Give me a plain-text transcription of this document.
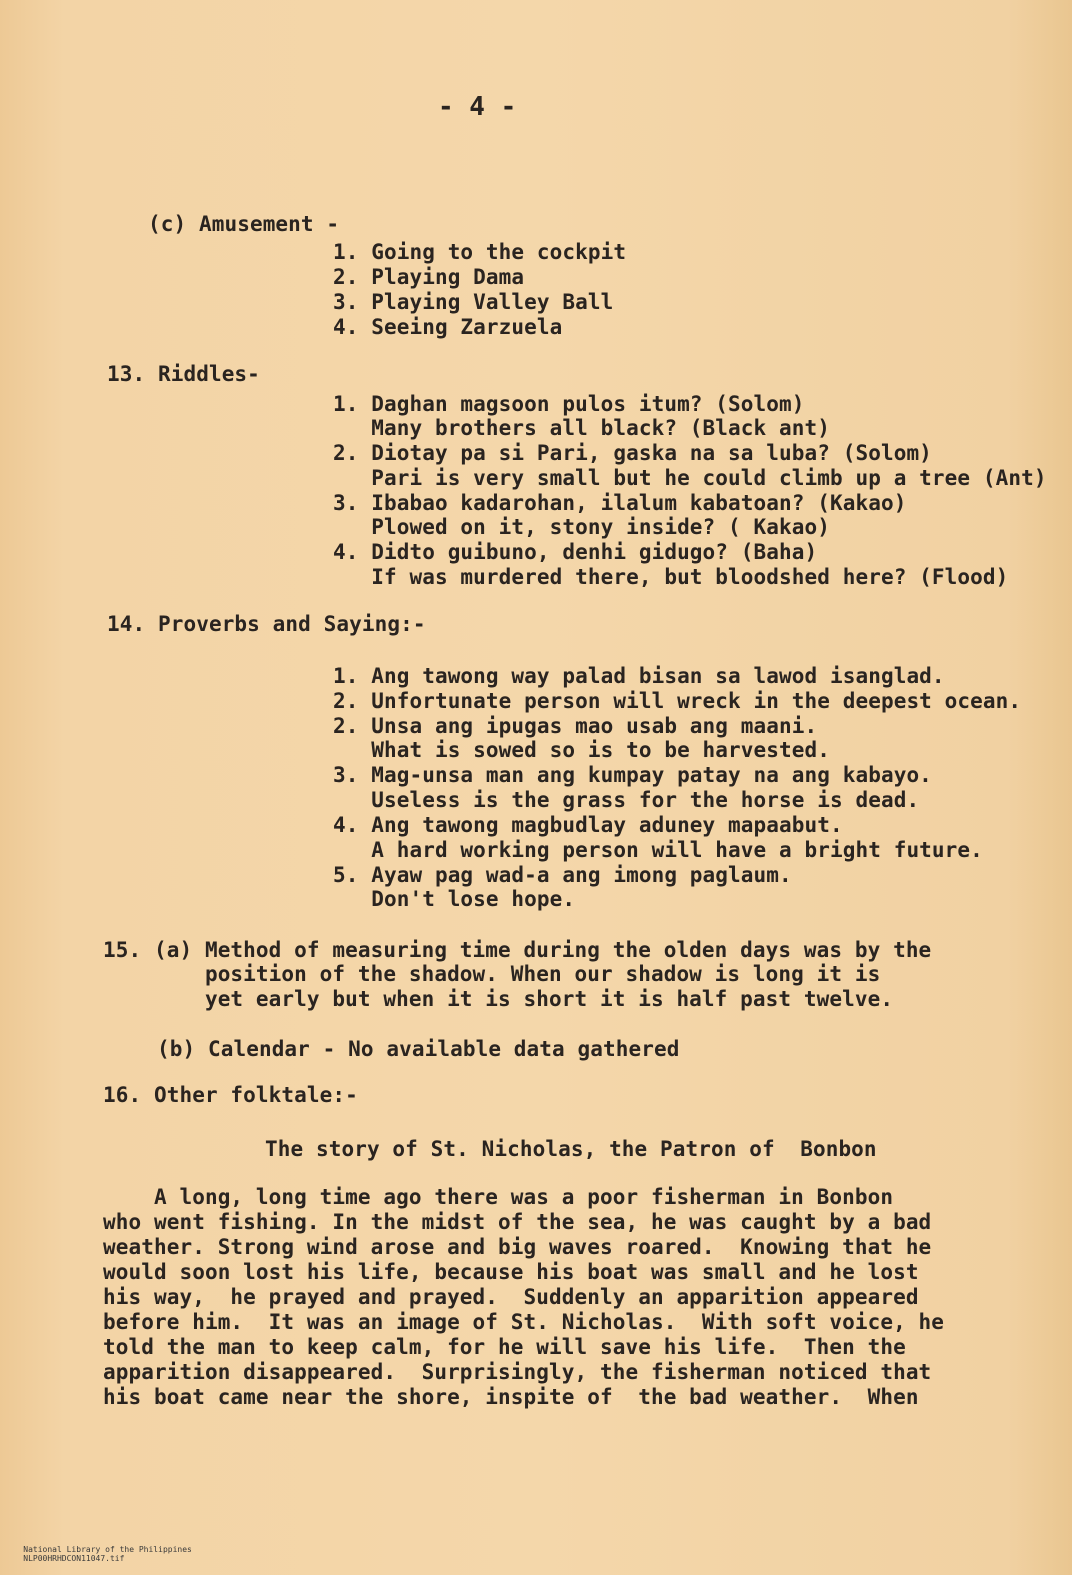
- 4 -
(c) Amusement -
1. Going to the cockpit
2. Playing Dama
3. Playing Valley Ball
4. Seeing Zarzuela
13. Riddles-
1. Daghan magsoon pulos itum? (Solom)
Many brothers all black? (Black ant)
2. Diotay pa si Pari, gaska na sa luba? (Solom)
Pari is very small but he could climb up a tree (Ant)
3. Ibabao kadarohan, ilalum kabatoan? (Kakao)
Plowed on it, stony inside? ( Kakao)
4. Didto guibuno, denhi gidugo? (Baha)
If was murdered there, but bloodshed here? (Flood)
14. Proverbs and Saying:-
1. Ang tawong way palad bisan sa lawod isanglad.
2. Unfortunate person will wreck in the deepest ocean.
2. Unsa ang ipugas mao usab ang maani.
What is sowed so is to be harvested.
3. Mag-unsa man ang kumpay patay na ang kabayo.
Useless is the grass for the horse is dead.
4. Ang tawong magbudlay aduney mapaabut.
A hard working person will have a bright future.
5. Ayaw pag wad-a ang imong paglaum.
Don't lose hope.
15. (a) Method of measuring time during the olden days was by the
position of the shadow. When our shadow is long it is
yet early but when it is short it is half past twelve.
(b) Calendar - No available data gathered
16. Other folktale:-
The story of St. Nicholas, the Patron of  Bonbon
A long, long time ago there was a poor fisherman in Bonbon
who went fishing. In the midst of the sea, he was caught by a bad
weather. Strong wind arose and big waves roared.  Knowing that he
would soon lost his life, because his boat was small and he lost
his way,  he prayed and prayed.  Suddenly an apparition appeared
before him.  It was an image of St. Nicholas.  With soft voice, he
told the man to keep calm, for he will save his life.  Then the
apparition disappeared.  Surprisingly, the fisherman noticed that
his boat came near the shore, inspite of  the bad weather.  When

National Library of the Philippines
NLP00HRHDCON11047.tif
